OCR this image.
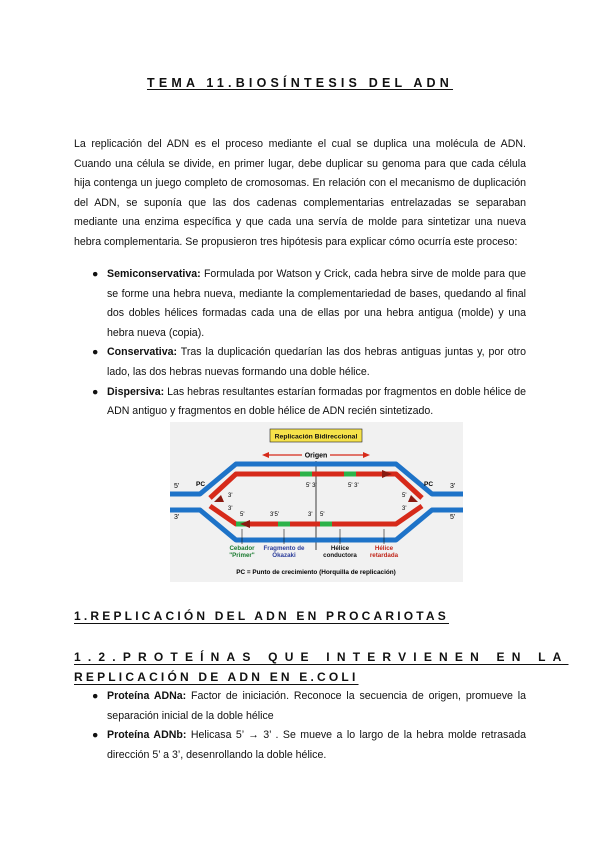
TEMA 11.BIOSÍNTESIS DEL ADN

La replicación del ADN es el proceso mediante el cual se duplica una molécula de ADN. Cuando una célula se divide, en primer lugar, debe duplicar su genoma para que cada célula hija contenga un juego completo de cromosomas. En relación con el mecanismo de duplicación del ADN, se suponía que las dos cadenas complementarias entrelazadas se separaban mediante una enzima específica y que cada una servía de molde para sintetizar una nueva hebra complementaria. Se propusieron tres hipótesis para explicar cómo ocurría este proceso:

● Semiconservativa: Formulada por Watson y Crick, cada hebra sirve de molde para que se forme una hebra nueva, mediante la complementariedad de bases, quedando al final dos dobles hélices formadas cada una de ellas por una hebra antigua (molde) y una hebra nueva (copia).
● Conservativa: Tras la duplicación quedarían las dos hebras antiguas juntas y, por otro lado, las dos hebras nuevas formando una doble hélice.
● Dispersiva: Las hebras resultantes estarían formadas por fragmentos en doble hélice de ADN antiguo y fragmentos en doble hélice de ADN recién sintetizado.
Replicación Bidireccional
Origen
5'
3'
3'
5'
PC	PC
5' 3'	5' 3'
3'	5'
5'	3'5'	3' 5'
3'	3'
Cebador
"Primer"
Fragmento de
Okazaki
Hélice
conductora
Hélice
retardada
PC = Punto de crecimiento (Horquilla de replicación)
1.REPLICACIÓN DEL ADN EN PROCARIOTAS
1.2.PROTEÍNAS QUE INTERVIENEN EN LA
REPLICACIÓN DE ADN EN E.COLI
● Proteína ADNa: Factor de iniciación. Reconoce la secuencia de origen, promueve la separación inicial de la doble hélice
● Proteína ADNb: Helicasa 5’ → 3’ . Se mueve a lo largo de la hebra molde retrasada dirección 5’ a 3’, desenrollando la doble hélice.
